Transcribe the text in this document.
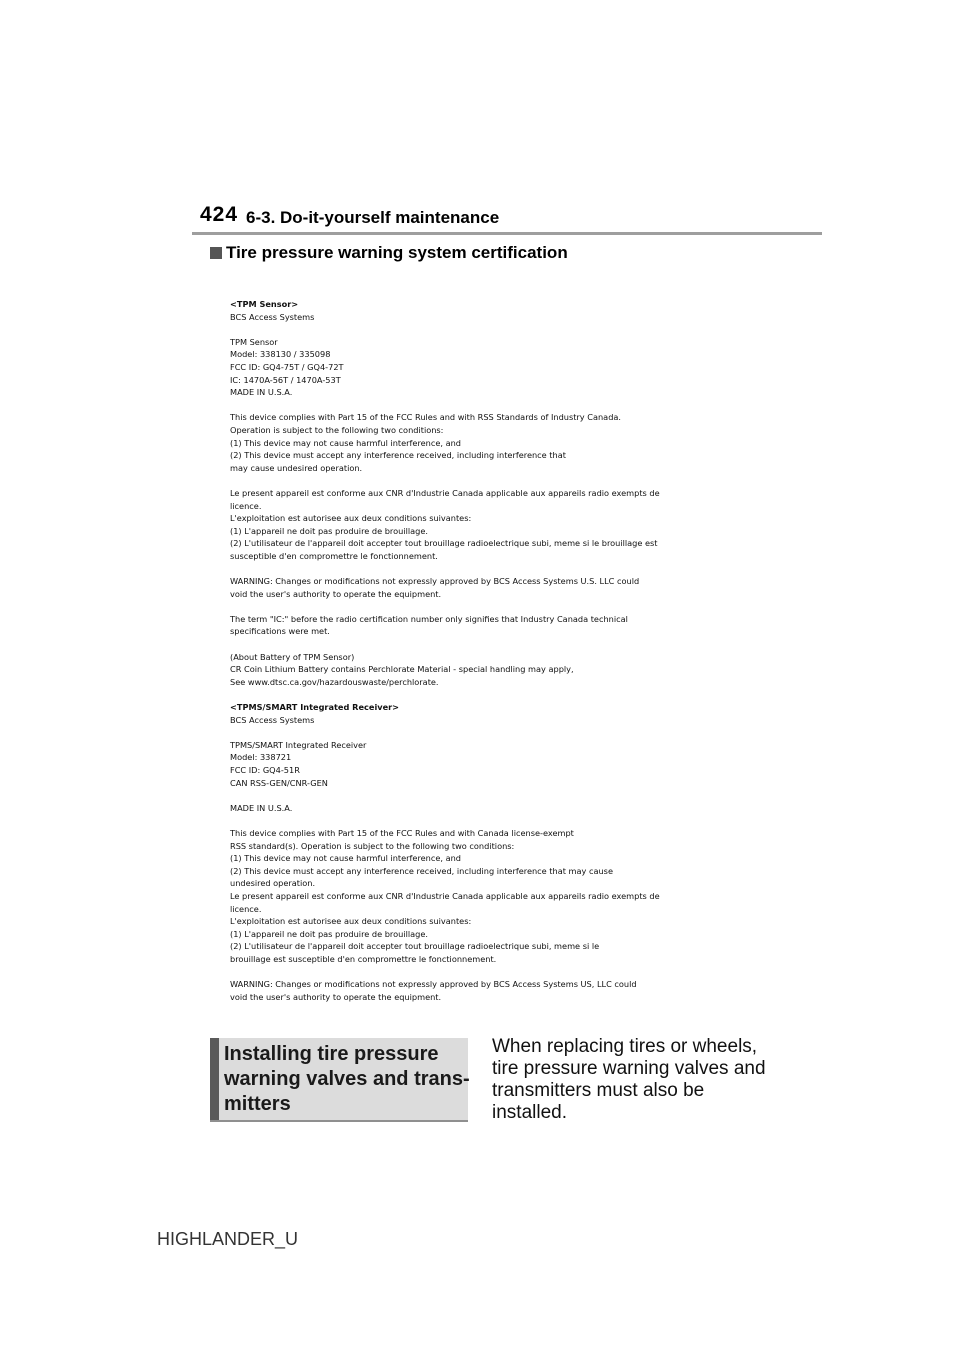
424 6-3. Do-it-yourself maintenance
Tire pressure warning system certification
<TPM Sensor>
BCS Access Systems
TPM Sensor
Model: 338130 / 335098
FCC ID: GQ4-75T / GQ4-72T
IC: 1470A-56T / 1470A-53T
MADE IN U.S.A.
This device complies with Part 15 of the FCC Rules and with RSS Standards of Industry Canada.
Operation is subject to the following two conditions:
(1) This device may not cause harmful interference, and
(2) This device must accept any interference received, including interference that
may cause undesired operation.
Le present appareil est conforme aux CNR d'Industrie Canada applicable aux appareils radio exempts de
licence.
L'exploitation est autorisee aux deux conditions suivantes:
(1) L'appareil ne doit pas produire de brouillage.
(2) L'utilisateur de l'appareil doit accepter tout brouillage radioelectrique subi, meme si le brouillage est
susceptible d'en compromettre le fonctionnement.
WARNING: Changes or modifications not expressly approved by BCS Access Systems U.S. LLC could
void the user's authority to operate the equipment.
The term "IC:" before the radio certification number only signifies that Industry Canada technical
specifications were met.
(About Battery of TPM Sensor)
CR Coin Lithium Battery contains Perchlorate Material - special handling may apply,
See www.dtsc.ca.gov/hazardouswaste/perchlorate.
<TPMS/SMART Integrated Receiver>
BCS Access Systems
TPMS/SMART Integrated Receiver
Model: 338721
FCC ID: GQ4-51R
CAN RSS-GEN/CNR-GEN
MADE IN U.S.A.
This device complies with Part 15 of the FCC Rules and with Canada license-exempt
RSS standard(s). Operation is subject to the following two conditions:
(1) This device may not cause harmful interference, and
(2) This device must accept any interference received, including interference that may cause
undesired operation.
Le present appareil est conforme aux CNR d'Industrie Canada applicable aux appareils radio exempts de
licence.
L'exploitation est autorisee aux deux conditions suivantes:
(1) L'appareil ne doit pas produire de brouillage.
(2) L'utilisateur de l'appareil doit accepter tout brouillage radioelectrique subi, meme si le
brouillage est susceptible d'en compromettre le fonctionnement.
WARNING: Changes or modifications not expressly approved by BCS Access Systems US, LLC could
void the user's authority to operate the equipment.
Installing tire pressure
warning valves and trans-
mitters
When replacing tires or wheels,
tire pressure warning valves and
transmitters must also be
installed.
HIGHLANDER_U
